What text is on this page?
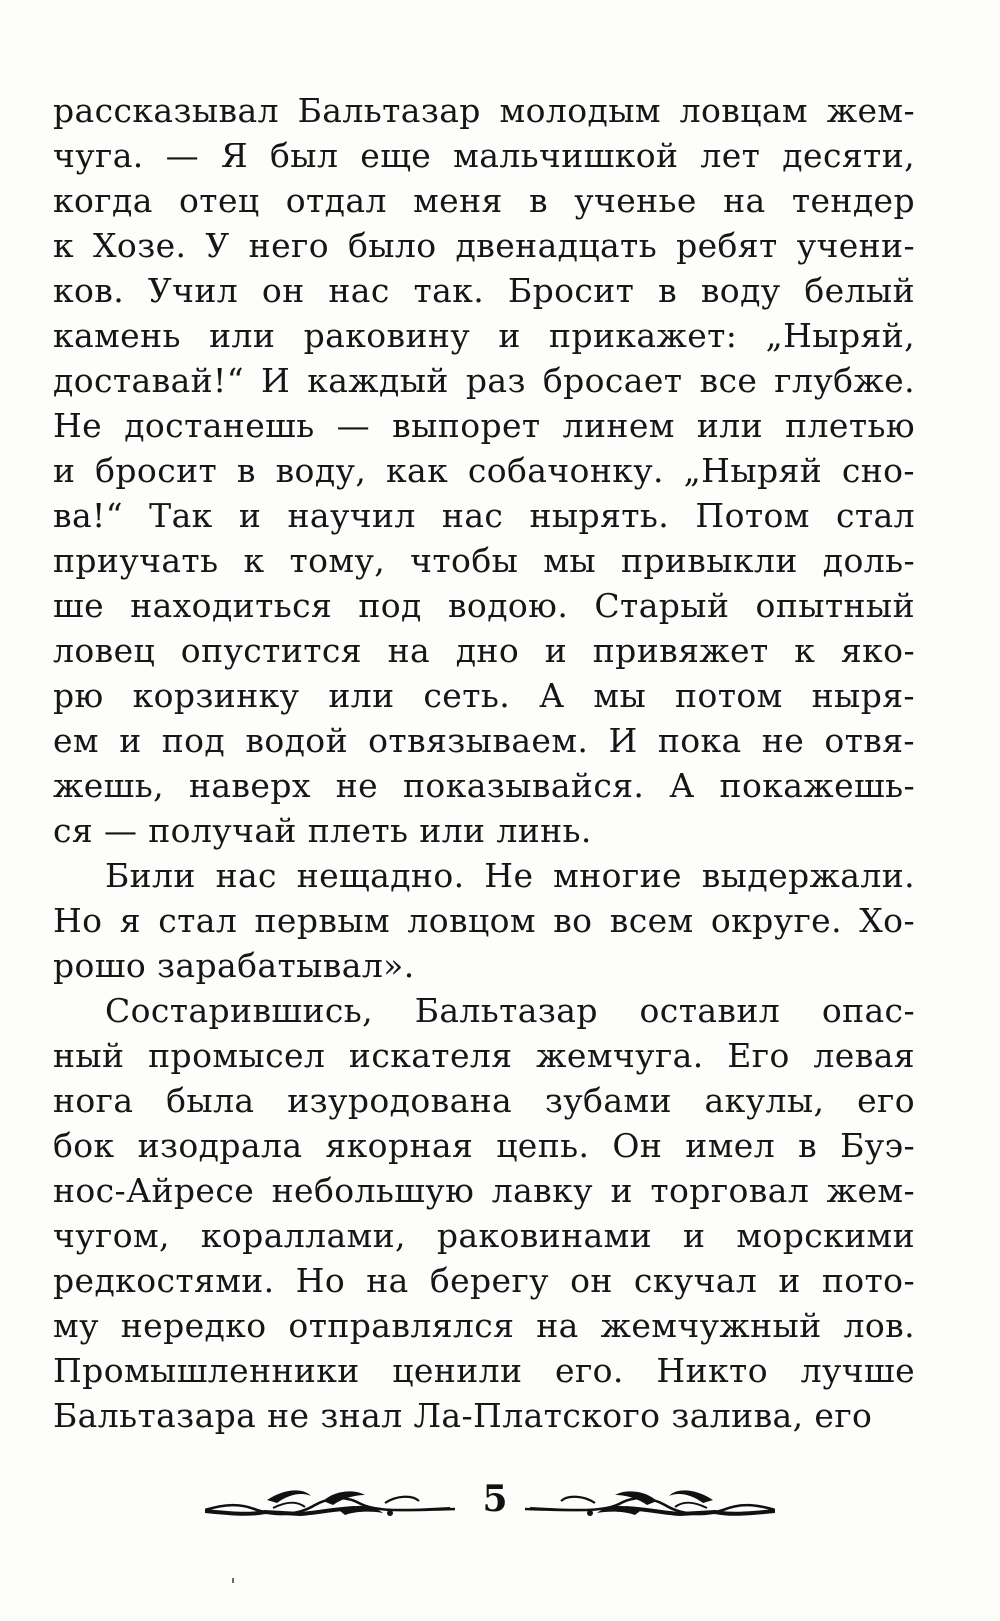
рассказывал Бальтазар молодым ловцам жем-
чуга. — Я был еще мальчишкой лет десяти,
когда отец отдал меня в ученье на тендер
к Хозе. У него было двенадцать ребят учени-
ков. Учил он нас так. Бросит в воду белый
камень или раковину и прикажет: „Ныряй,
доставай!“ И каждый раз бросает все глубже.
Не достанешь — выпорет линем или плетью
и бросит в воду, как собачонку. „Ныряй сно-
ва!“ Так и научил нас нырять. Потом стал
приучать к тому, чтобы мы привыкли доль-
ше находиться под водою. Старый опытный
ловец опустится на дно и привяжет к яко-
рю корзинку или сеть. А мы потом ныря-
ем и под водой отвязываем. И пока не отвя-
жешь, наверх не показывайся. А покажешь-
ся — получай плеть или линь.
Били нас нещадно. Не многие выдержали.
Но я стал первым ловцом во всем округе. Хо-
рошо зарабатывал».
Состарившись, Бальтазар оставил опас-
ный промысел искателя жемчуга. Его левая
нога была изуродована зубами акулы, его
бок изодрала якорная цепь. Он имел в Буэ-
нос-Айресе небольшую лавку и торговал жем-
чугом, кораллами, раковинами и морскими
редкостями. Но на берегу он скучал и пото-
му нередко отправлялся на жемчужный лов.
Промышленники ценили его. Никто лучше
Бальтазара не знал Ла-Платского залива, его
5
